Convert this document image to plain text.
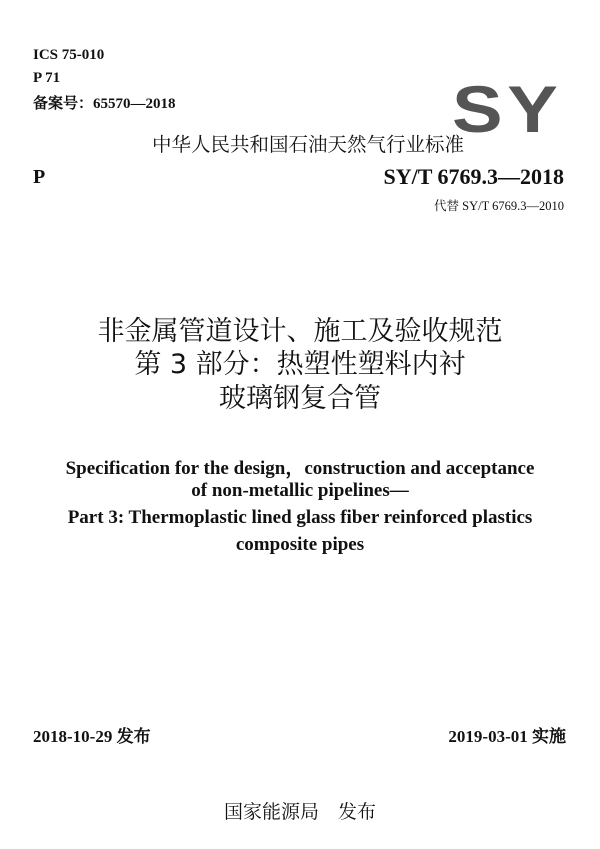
ICS 75-010
P 71
备案号：65570—2018	SY
中华人民共和国石油天然气行业标准
P	SY/T 6769.3—2018
代替 SY/T 6769.3—2010
非金属管道设计、施工及验收规范
第 3 部分：热塑性塑料内衬
玻璃钢复合管
Specification for the design，construction and acceptance
of non-metallic pipelines—
Part 3: Thermoplastic lined glass fiber reinforced plastics
composite pipes
2018-10-29 发布	2019-03-01 实施
国家能源局　发布
